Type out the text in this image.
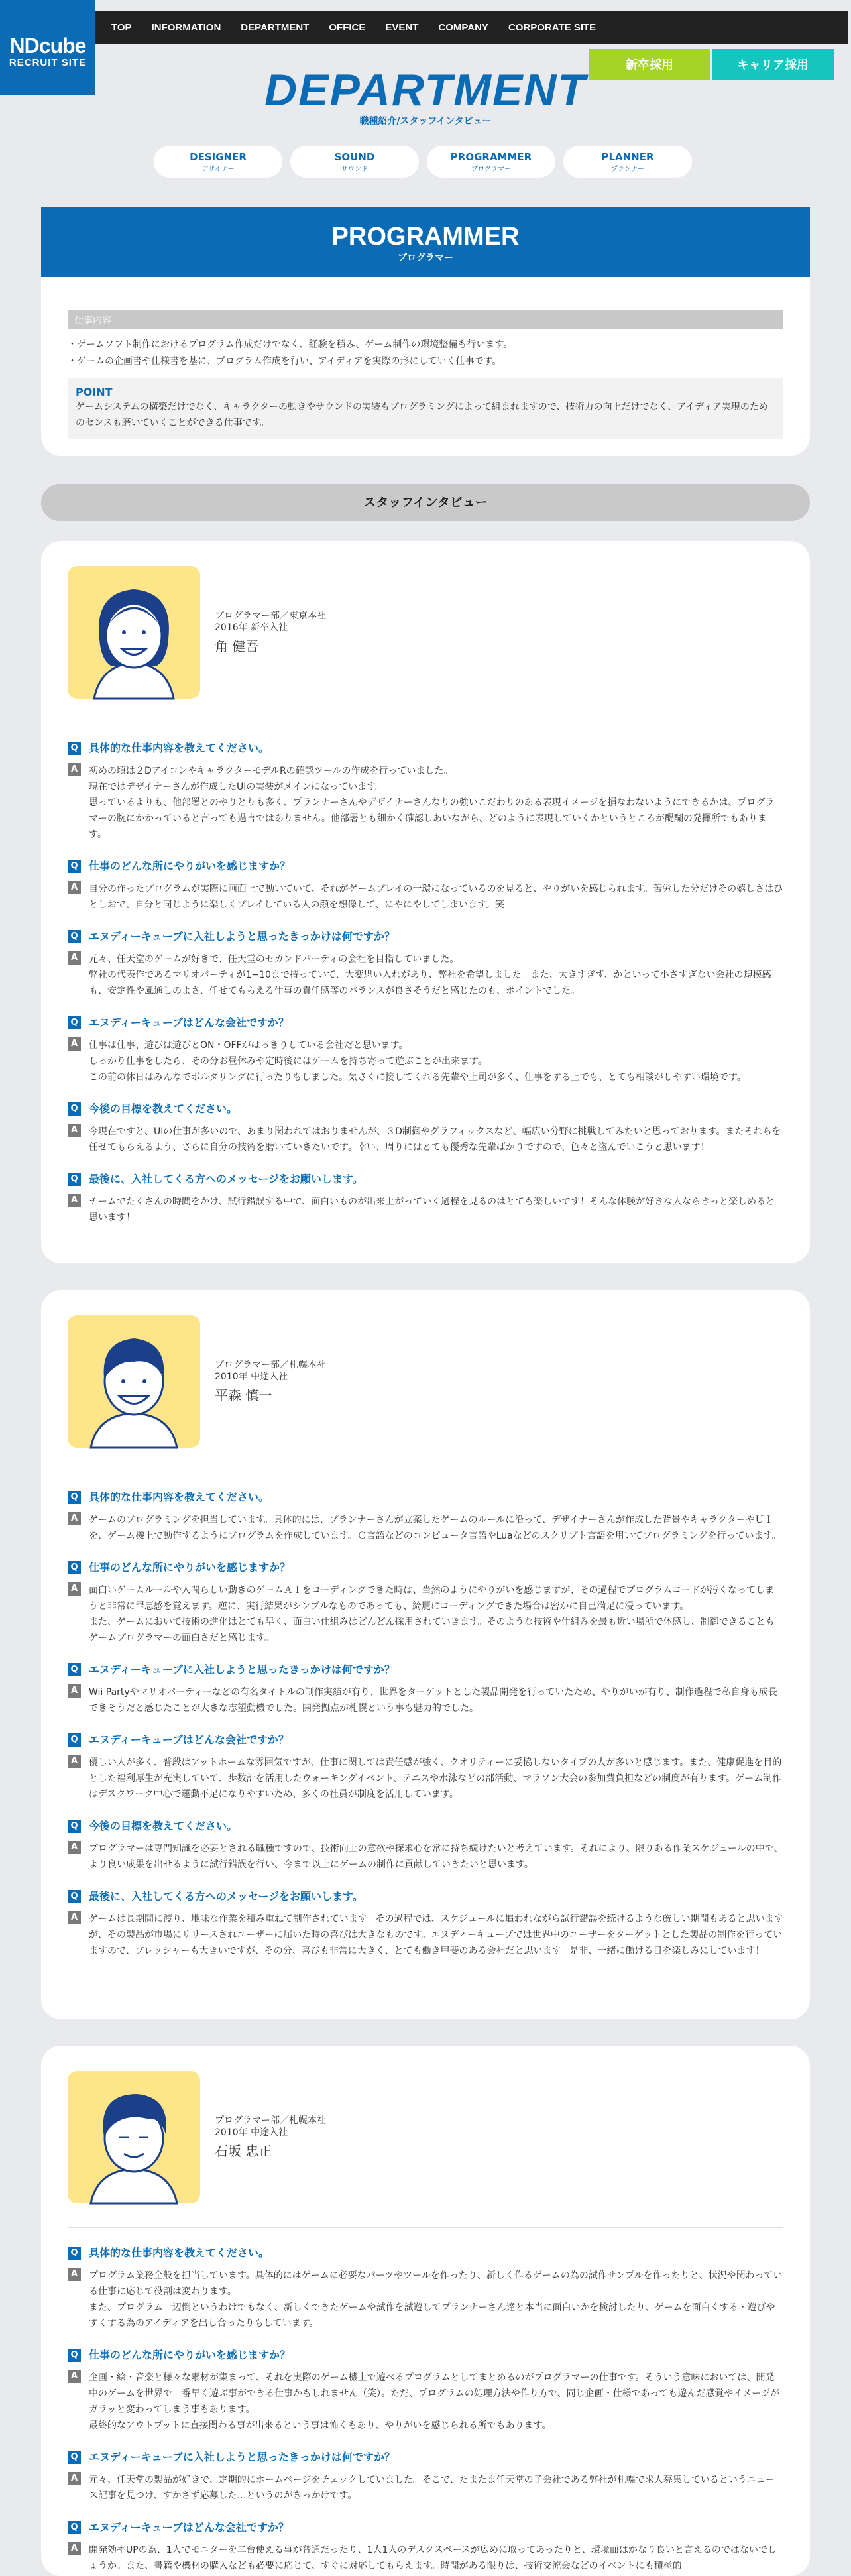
NDcube
RECRUIT SITE
TOP INFORMATION DEPARTMENT OFFICE EVENT COMPANY CORPORATE SITE
新卒採用	キャリア採用
DEPARTMENT
職種紹介/スタッフインタビュー
DESIGNER
デザイナー
SOUND
サウンド
PROGRAMMER
プログラマー
PLANNER
プランナー
PROGRAMMER
プログラマー
仕事内容
・ゲームソフト制作におけるプログラム作成だけでなく、経験を積み、ゲーム制作の環境整備も行います。
・ゲームの企画書や仕様書を基に、プログラム作成を行い、アイディアを実際の形にしていく仕事です。
POINT
ゲームシステムの構築だけでなく、キャラクターの動きやサウンドの実装もプログラミングによって組まれますので、技術力の向上だけでなく、アイディア実現のためのセンスも磨いていくことができる仕事です。
スタッフインタビュー
プログラマー部／東京本社
2016年 新卒入社
角 健吾
Q 具体的な仕事内容を教えてください。
A	初めの頃は２DアイコンやキャラクターモデルRの確認ツールの作成を行っていました。
現在ではデザイナーさんが作成したUIの実装がメインになっています。
思っているよりも、他部署とのやりとりも多く、プランナーさんやデザイナーさんなりの強いこだわりのある表現イメージを損なわないようにできるかは、プログラマーの腕にかかっていると言っても過言ではありません。他部署とも細かく確認しあいながら、どのように表現していくかというところが醍醐の発揮所でもあります。
Q 仕事のどんな所にやりがいを感じますか？
A	自分の作ったプログラムが実際に画面上で動いていて、それがゲームプレイの一環になっているのを見ると、やりがいを感じられます。苦労した分だけその嬉しさはひとしおで、自分と同じように楽しくプレイしている人の顔を想像して、にやにやしてしまいます。笑
Q エヌディーキューブに入社しようと思ったきっかけは何ですか？
A	元々、任天堂のゲームが好きで、任天堂のセカンドパーティの会社を目指していました。
弊社の代表作であるマリオパーティが1−10まで持っていて、大変思い入れがあり、弊社を希望しました。また、大きすぎず、かといって小さすぎない会社の規模感も、安定性や風通しのよさ、任せてもらえる仕事の責任感等のバランスが良さそうだと感じたのも、ポイントでした。
Q エヌディーキューブはどんな会社ですか？
A	仕事は仕事、遊びは遊びとON・OFFがはっきりしている会社だと思います。
しっかり仕事をしたら、その分お昼休みや定時後にはゲームを持ち寄って遊ぶことが出来ます。
この前の休日はみんなでボルダリングに行ったりもしました。気さくに接してくれる先輩や上司が多く、仕事をする上でも、とても相談がしやすい環境です。
Q 今後の目標を教えてください。
A	今現在ですと、UIの仕事が多いので、あまり関われてはおりませんが、３D制御やグラフィックスなど、幅広い分野に挑戦してみたいと思っております。またそれらを任せてもらえるよう、さらに自分の技術を磨いていきたいです。幸い、周りにはとても優秀な先輩ばかりですので、色々と盗んでいこうと思います！
Q 最後に、入社してくる方へのメッセージをお願いします。
A	チームでたくさんの時間をかけ、試行錯誤する中で、面白いものが出来上がっていく過程を見るのはとても楽しいです！そんな体験が好きな人ならきっと楽しめると思います！
プログラマー部／札幌本社
2010年 中途入社
平森 慎一
Q 具体的な仕事内容を教えてください。
A	ゲームのプログラミングを担当しています。具体的には、プランナーさんが立案したゲームのルールに沿って、デザイナーさんが作成した背景やキャラクターやＵＩを、ゲーム機上で動作するようにプログラムを作成しています。Ｃ言語などのコンピュータ言語やLuaなどのスクリプト言語を用いてプログラミングを行っています。
Q 仕事のどんな所にやりがいを感じますか？
A	面白いゲームルールや人間らしい動きのゲームＡＩをコーディングできた時は、当然のようにやりがいを感じますが、その過程でプログラムコードが汚くなってしまうと非常に罪悪感を覚えます。逆に、実行結果がシンプルなものであっても、綺麗にコーディングできた場合は密かに自己満足に浸っています。
また、ゲームにおいて技術の進化はとても早く、面白い仕組みはどんどん採用されていきます。そのような技術や仕組みを最も近い場所で体感し、制御できることもゲームプログラマーの面白さだと感じます。
Q エヌディーキューブに入社しようと思ったきっかけは何ですか？
A	Wii Partyやマリオパーティーなどの有名タイトルの制作実績が有り、世界をターゲットとした製品開発を行っていたため、やりがいが有り、制作過程で私自身も成長できそうだと感じたことが大きな志望動機でした。開発拠点が札幌という事も魅力的でした。
Q エヌディーキューブはどんな会社ですか？
A	優しい人が多く、普段はアットホームな雰囲気ですが、仕事に関しては責任感が強く、クオリティーに妥協しないタイプの人が多いと感じます。また、健康促進を目的とした福利厚生が充実していて、歩数計を活用したウォーキングイベント、テニスや水泳などの部活動、マラソン大会の参加費負担などの制度が有ります。ゲーム制作はデスクワーク中心で運動不足になりやすいため、多くの社員が制度を活用しています。
Q 今後の目標を教えてください。
A	プログラマーは専門知識を必要とされる職種ですので、技術向上の意欲や探求心を常に持ち続けたいと考えています。それにより、限りある作業スケジュールの中で、より良い成果を出せるように試行錯誤を行い、今まで以上にゲームの制作に貢献していきたいと思います。
Q 最後に、入社してくる方へのメッセージをお願いします。
A	ゲームは長期間に渡り、地味な作業を積み重ねて制作されています。その過程では、スケジュールに追われながら試行錯誤を続けるような厳しい期間もあると思いますが、その製品が市場にリリースされユーザーに届いた時の喜びは大きなものです。エヌディーキューブでは世界中のユーザーをターゲットとした製品の制作を行っていますので、プレッシャーも大きいですが、その分、喜びも非常に大きく、とても働き甲斐のある会社だと思います。是非、一緒に働ける日を楽しみにしています！
プログラマー部／札幌本社
2010年 中途入社
石坂 忠正
Q 具体的な仕事内容を教えてください。
A	プログラム業務全般を担当しています。具体的にはゲームに必要なパーツやツールを作ったり、新しく作るゲームの為の試作サンプルを作ったりと、状況や関わっている仕事に応じて役割は変わります。
また、プログラム一辺倒というわけでもなく、新しくできたゲームや試作を試遊してプランナーさん達と本当に面白いかを検討したり、ゲームを面白くする・遊びやすくする為のアイディアを出し合ったりもしています。
Q 仕事のどんな所にやりがいを感じますか？
A	企画・絵・音楽と様々な素材が集まって、それを実際のゲーム機上で遊べるプログラムとしてまとめるのがプログラマーの仕事です。そういう意味においては、開発中のゲームを世界で一番早く遊ぶ事ができる仕事かもしれません（笑）。ただ、プログラムの処理方法や作り方で、同じ企画・仕様であっても遊んだ感覚やイメージがガラッと変わってしまう事もあります。
最終的なアウトプットに直接関わる事が出来るという事は怖くもあり、やりがいを感じられる所でもあります。
Q エヌディーキューブに入社しようと思ったきっかけは何ですか？
A	元々、任天堂の製品が好きで、定期的にホームページをチェックしていました。そこで、たまたま任天堂の子会社である弊社が札幌で求人募集しているというニュース記事を見つけ、すかさず応募した…というのがきっかけです。
Q エヌディーキューブはどんな会社ですか？
A	開発効率UPの為、1人でモニターを二台使える事が普通だったり、1人1人のデスクスペースが広めに取ってあったりと、環境面はかなり良いと言えるのではないでしょうか。また、書籍や機材の購入なども必要に応じて、すぐに対応してもらえます。時間がある限りは、技術交流会などのイベントにも積極的
